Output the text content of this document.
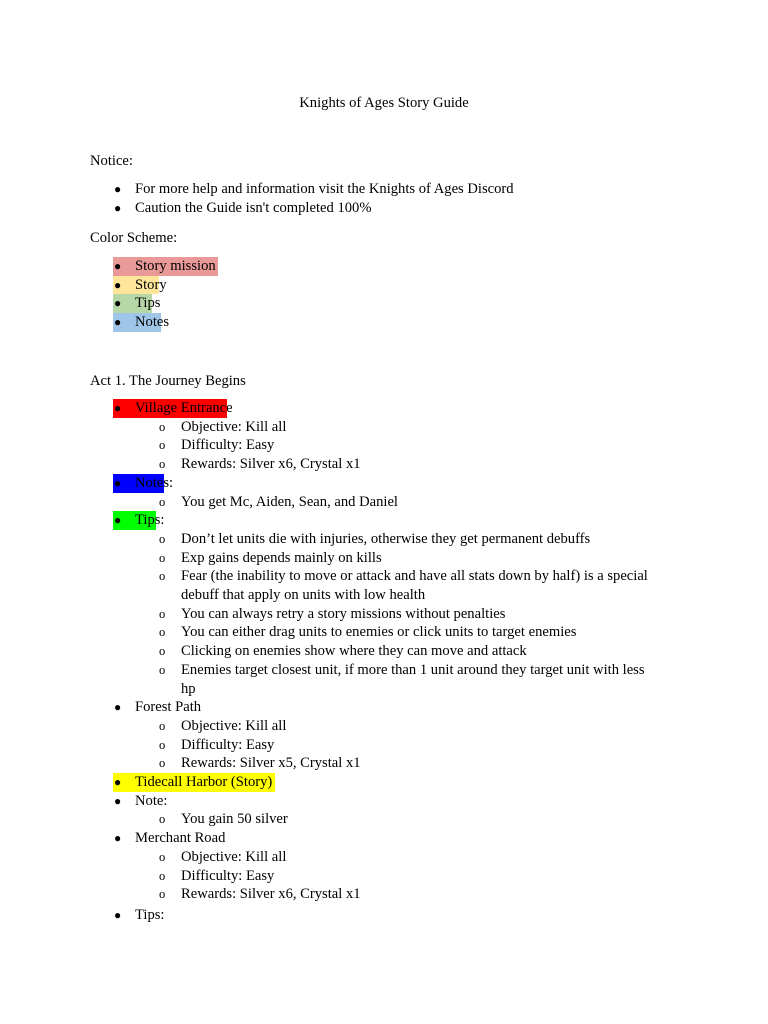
Knights of Ages Story Guide
Notice:
● For more help and information visit the Knights of Ages Discord
● Caution the Guide isn't completed 100%
Color Scheme:
● Story mission
● Story
● Tips
● Notes
Act 1. The Journey Begins
● Village Entrance
o Objective: Kill all
o Difficulty: Easy
o Rewards: Silver x6, Crystal x1
● Notes:
o You get Mc, Aiden, Sean, and Daniel
● Tips:
o Don’t let units die with injuries, otherwise they get permanent debuffs
o Exp gains depends mainly on kills
o Fear (the inability to move or attack and have all stats down by half) is a special debuff that apply on units with low health
o You can always retry a story missions without penalties
o You can either drag units to enemies or click units to target enemies
o Clicking on enemies show where they can move and attack
o Enemies target closest unit, if more than 1 unit around they target unit with less hp
● Forest Path
o Objective: Kill all
o Difficulty: Easy
o Rewards: Silver x5, Crystal x1
● Tidecall Harbor (Story)
● Note:
o You gain 50 silver
● Merchant Road
o Objective: Kill all
o Difficulty: Easy
o Rewards: Silver x6, Crystal x1
● Tips:
